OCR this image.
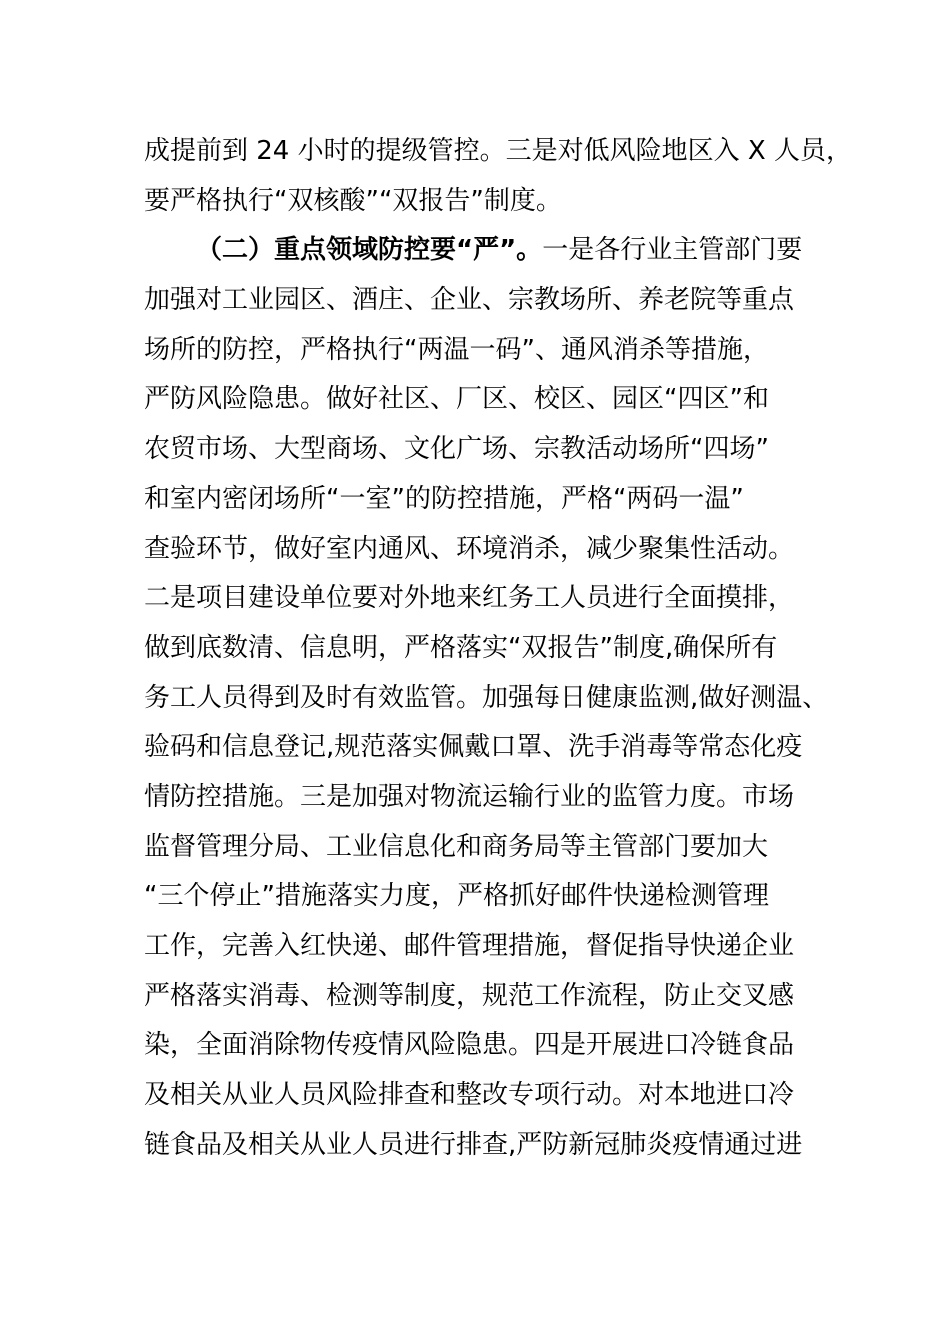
成提前到 24 小时的提级管控。三是对低风险地区入 X 人员，
要严格执行“双核酸”“双报告”制度。
（二）重点领域防控要“严”。一是各行业主管部门要
加强对工业园区、酒庄、企业、宗教场所、养老院等重点
场所的防控，严格执行“两温一码”、通风消杀等措施，
严防风险隐患。做好社区、厂区、校区、园区“四区”和
农贸市场、大型商场、文化广场、宗教活动场所“四场”
和室内密闭场所“一室”的防控措施，严格“两码一温”
查验环节，做好室内通风、环境消杀，减少聚集性活动。
二是项目建设单位要对外地来红务工人员进行全面摸排，
做到底数清、信息明，严格落实“双报告”制度,确保所有
务工人员得到及时有效监管。加强每日健康监测,做好测温、
验码和信息登记,规范落实佩戴口罩、洗手消毒等常态化疫
情防控措施。三是加强对物流运输行业的监管力度。市场
监督管理分局、工业信息化和商务局等主管部门要加大
“三个停止”措施落实力度，严格抓好邮件快递检测管理
工作，完善入红快递、邮件管理措施，督促指导快递企业
严格落实消毒、检测等制度，规范工作流程，防止交叉感
染，全面消除物传疫情风险隐患。四是开展进口冷链食品
及相关从业人员风险排查和整改专项行动。对本地进口冷
链食品及相关从业人员进行排查,严防新冠肺炎疫情通过进
